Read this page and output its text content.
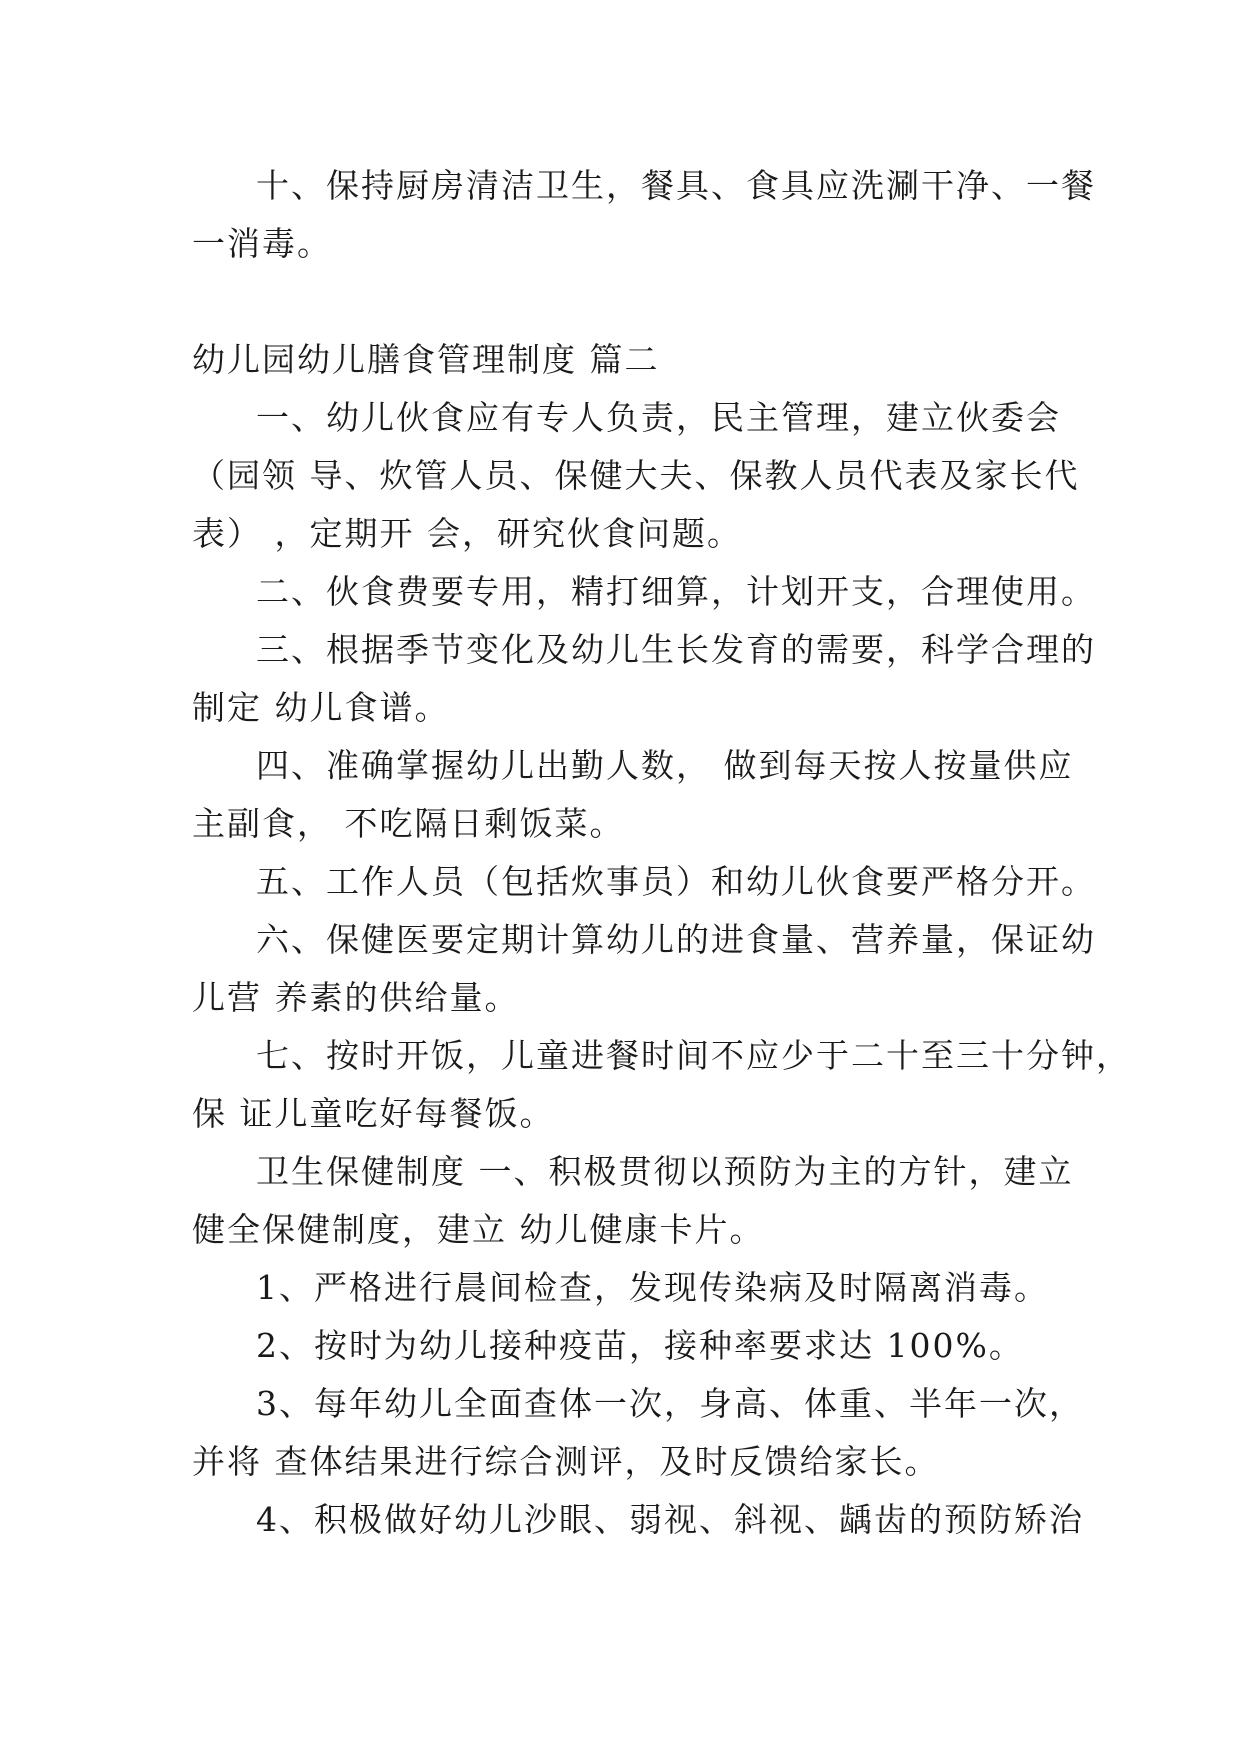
十、保持厨房清洁卫生，餐具、食具应洗涮干净、一餐
一消毒。
幼儿园幼儿膳食管理制度 篇二
一、幼儿伙食应有专人负责，民主管理，建立伙委会
（园领 导、炊管人员、保健大夫、保教人员代表及家长代
表） ，定期开 会，研究伙食问题。
二、伙食费要专用，精打细算，计划开支，合理使用。
三、根据季节变化及幼儿生长发育的需要，科学合理的
制定 幼儿食谱。
四、准确掌握幼儿出勤人数， 做到每天按人按量供应
主副食， 不吃隔日剩饭菜。
五、工作人员（包括炊事员）和幼儿伙食要严格分开。
六、保健医要定期计算幼儿的进食量、营养量，保证幼
儿营 养素的供给量。
七、按时开饭，儿童进餐时间不应少于二十至三十分钟，
保 证儿童吃好每餐饭。
卫生保健制度 一、积极贯彻以预防为主的方针，建立
健全保健制度，建立 幼儿健康卡片。
1、严格进行晨间检查，发现传染病及时隔离消毒。
2、按时为幼儿接种疫苗，接种率要求达 100%。
3、每年幼儿全面查体一次，身高、体重、半年一次，
并将 查体结果进行综合测评，及时反馈给家长。
4、积极做好幼儿沙眼、弱视、斜视、龋齿的预防矫治
